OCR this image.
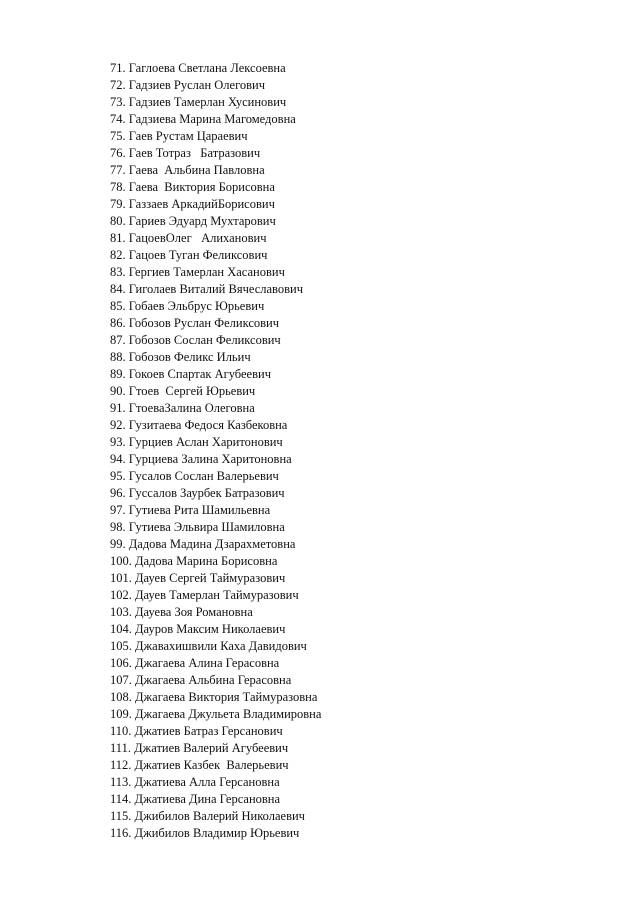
71. Гаглоева Светлана Лексоевна
72. Гадзиев Руслан Олегович
73. Гадзиев Тамерлан Хусинович
74. Гадзиева Марина Магомедовна
75. Гаев Рустам Цараевич
76. Гаев Тотраз   Батразович
77. Гаева  Альбина Павловна
78. Гаева  Виктория Борисовна
79. Газзаев АркадийБорисович
80. Гариев Эдуард Мухтарович
81. ГацоевОлег   Алиханович
82. Гацоев Туган Феликсович
83. Гергиев Тамерлан Хасанович
84. Гиголаев Виталий Вячеславович
85. Гобаев Эльбрус Юрьевич
86. Гобозов Руслан Феликсович
87. Гобозов Сослан Феликсович
88. Гобозов Феликс Ильич
89. Гокоев Спартак Агубеевич
90. Гтоев  Сергей Юрьевич
91. ГтоеваЗалина Олеговна
92. Гузитаева Федося Казбековна
93. Гурциев Аслан Харитонович
94. Гурциева Залина Харитоновна
95. Гусалов Сослан Валерьевич
96. Гуссалов Заурбек Батразович
97. Гутиева Рита Шамильевна
98. Гутиева Эльвира Шамиловна
99. Дадова Мадина Дзарахметовна
100. Дадова Марина Борисовна
101. Дауев Сергей Таймуразович
102. Дауев Тамерлан Таймуразович
103. Дауева Зоя Романовна
104. Дауров Максим Николаевич
105. Джавахишвили Каха Давидович
106. Джагаева Алина Герасовна
107. Джагаева Альбина Герасовна
108. Джагаева Виктория Таймуразовна
109. Джагаева Джульета Владимировна
110. Джатиев Батраз Герсанович
111. Джатиев Валерий Агубеевич
112. Джатиев Казбек  Валерьевич
113. Джатиева Алла Герсановна
114. Джатиева Дина Герсановна
115. Джибилов Валерий Николаевич
116. Джибилов Владимир Юрьевич
